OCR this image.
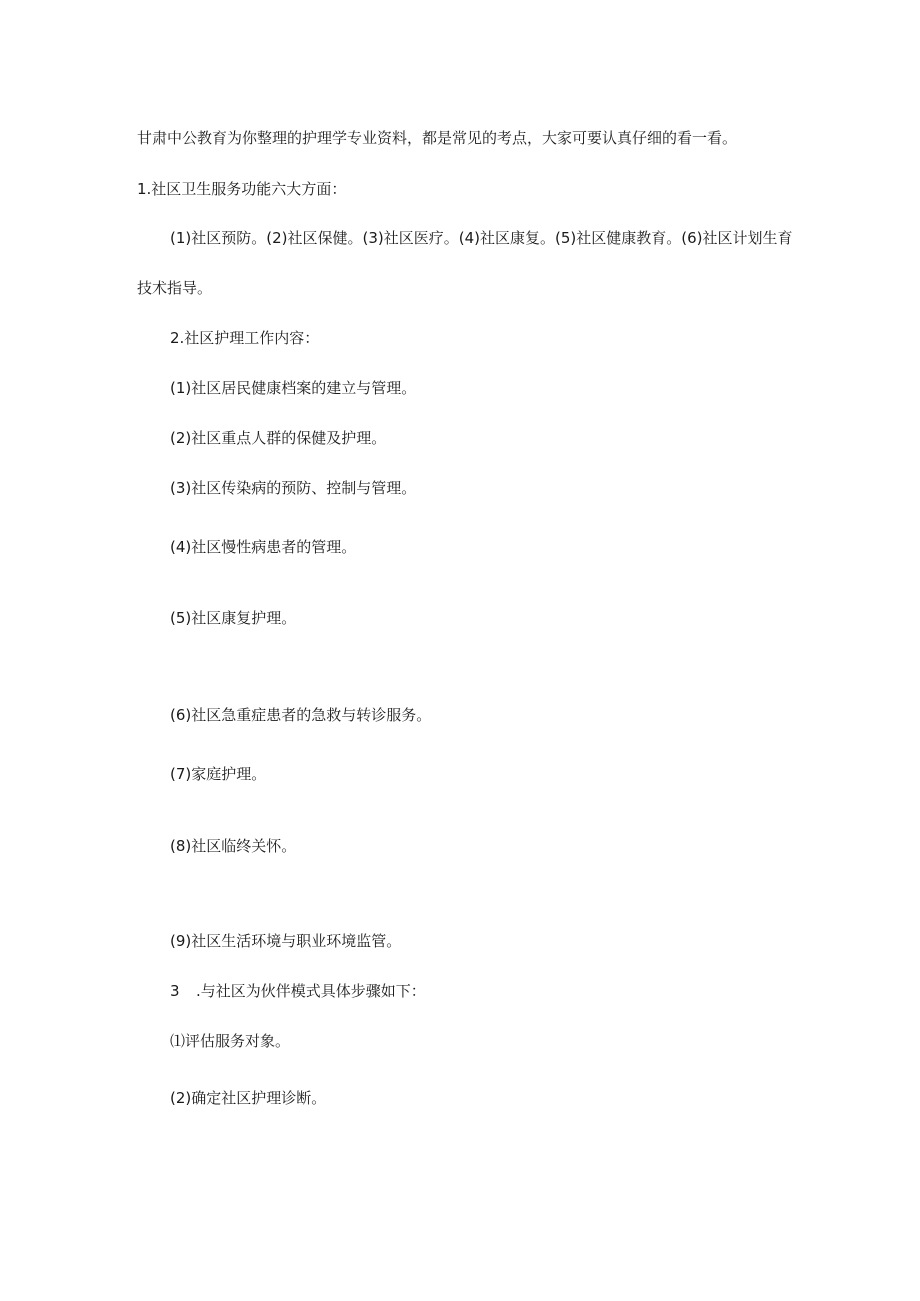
甘肃中公教育为你整理的护理学专业资料，都是常见的考点，大家可要认真仔细的看一看。
1.社区卫生服务功能六大方面：
(1)社区预防。(2)社区保健。(3)社区医疗。(4)社区康复。(5)社区健康教育。(6)社区计划生育
技术指导。
2.社区护理工作内容：
(1)社区居民健康档案的建立与管理。
(2)社区重点人群的保健及护理。
(3)社区传染病的预防、控制与管理。
(4)社区慢性病患者的管理。
(5)社区康复护理。
(6)社区急重症患者的急救与转诊服务。
(7)家庭护理。
(8)社区临终关怀。
(9)社区生活环境与职业环境监管。
3 .与社区为伙伴模式具体步骤如下：
⑴评估服务对象。
(2)确定社区护理诊断。
